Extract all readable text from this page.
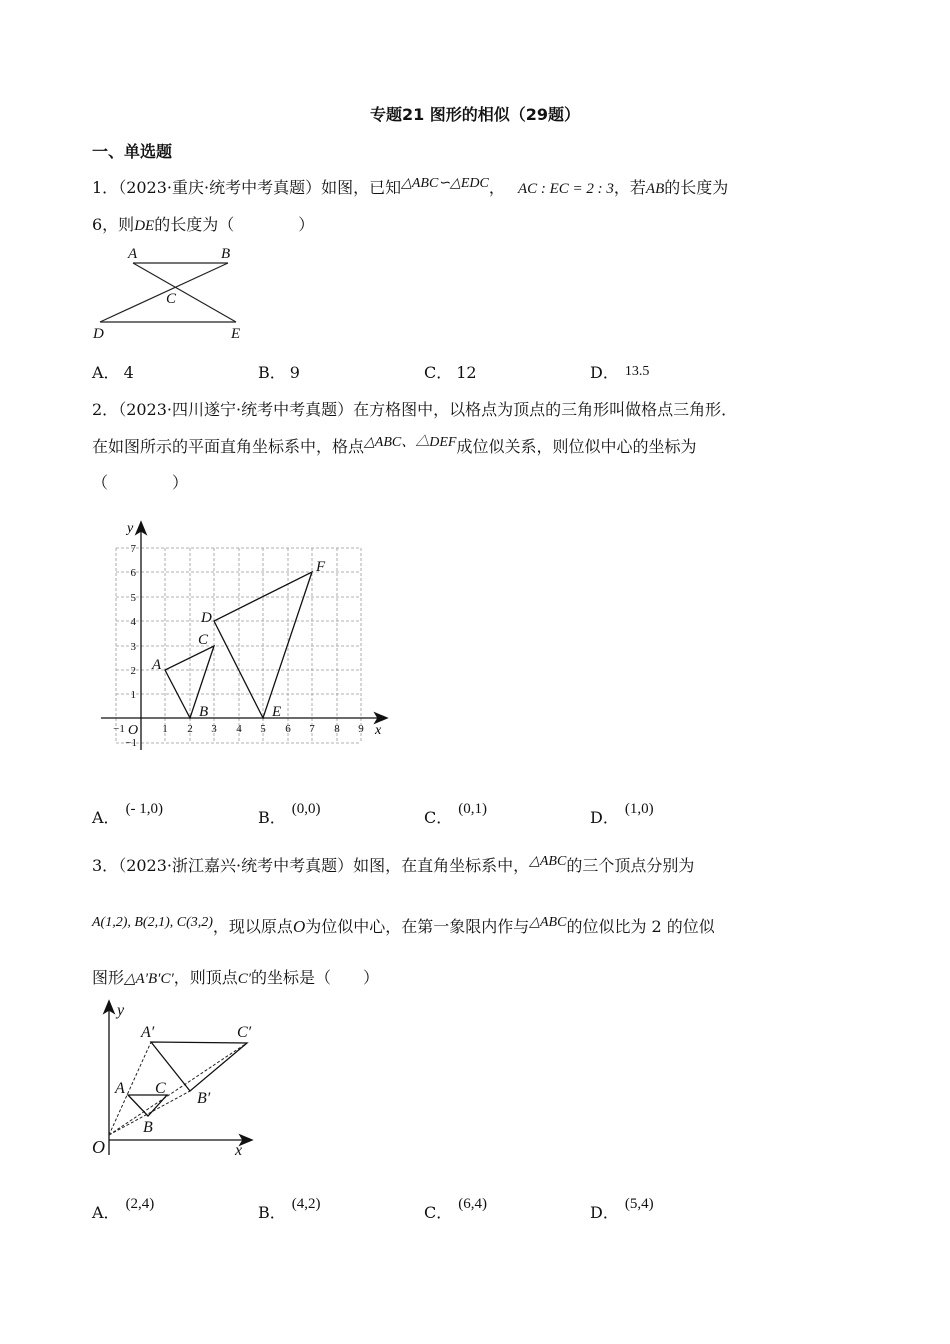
专题21 图形的相似（29题）
一、单选题
1．（2023·重庆·统考中考真题）如图，已知△ABC∽△EDC， AC : EC = 2 : 3，若AB的长度为
6，则DE的长度为（　　　　）
A	B
C
D	E
A． 4	B． 9	C． 12	D． 13.5
2．（2023·四川遂宁·统考中考真题）在方格图中，以格点为顶点的三角形叫做格点三角形．
在如图所示的平面直角坐标系中，格点△ABC、△DEF成位似关系，则位似中心的坐标为
（　　　　）
−1 O 1 2 3 4 5 6 7 8 9
−1
1
2
3
4
5
6
7
x
y
A
B
C
D
E
F
A． (- 1,0)	B． (0,0)	C． (0,1)	D． (1,0)
3．（2023·浙江嘉兴·统考中考真题）如图，在直角坐标系中，△ABC的三个顶点分别为
A(1,2), B(2,1), C(3,2)，现以原点O为位似中心，在第一象限内作与△ABC的位似比为 2 的位似
图形△A′B′C′，则顶点C′的坐标是（　　）
A
B
C
A′
B′
C′
O	x
y
A． (2,4)	B． (4,2)	C． (6,4)	D． (5,4)
